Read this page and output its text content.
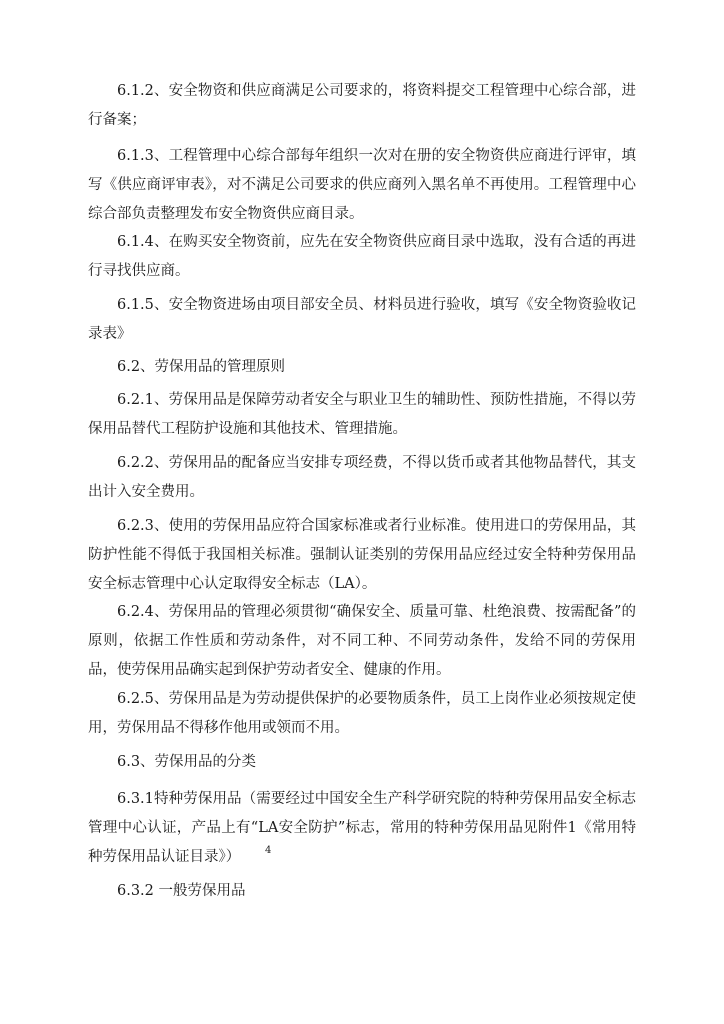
6.1.2、安全物资和供应商满足公司要求的，将资料提交工程管理中心综合部，进行备案；

6.1.3、工程管理中心综合部每年组织一次对在册的安全物资供应商进行评审，填写《供应商评审表》，对不满足公司要求的供应商列入黑名单不再使用。工程管理中心综合部负责整理发布安全物资供应商目录。

6.1.4、在购买安全物资前，应先在安全物资供应商目录中选取，没有合适的再进行寻找供应商。

6.1.5、安全物资进场由项目部安全员、材料员进行验收，填写《安全物资验收记录表》

6.2、劳保用品的管理原则

6.2.1、劳保用品是保障劳动者安全与职业卫生的辅助性、预防性措施，不得以劳保用品替代工程防护设施和其他技术、管理措施。

6.2.2、劳保用品的配备应当安排专项经费，不得以货币或者其他物品替代，其支出计入安全费用。

6.2.3、使用的劳保用品应符合国家标准或者行业标准。使用进口的劳保用品，其防护性能不得低于我国相关标准。强制认证类别的劳保用品应经过安全特种劳保用品安全标志管理中心认定取得安全标志（LA）。

6.2.4、劳保用品的管理必须贯彻“确保安全、质量可靠、杜绝浪费、按需配备”的原则，依据工作性质和劳动条件，对不同工种、不同劳动条件，发给不同的劳保用品，使劳保用品确实起到保护劳动者安全、健康的作用。

6.2.5、劳保用品是为劳动提供保护的必要物质条件，员工上岗作业必须按规定使用，劳保用品不得移作他用或领而不用。

6.3、劳保用品的分类

6.3.1特种劳保用品（需要经过中国安全生产科学研究院的特种劳保用品安全标志管理中心认证，产品上有“LA安全防护”标志，常用的特种劳保用品见附件1《常用特种劳保用品认证目录》）

6.3.2 一般劳保用品

4
